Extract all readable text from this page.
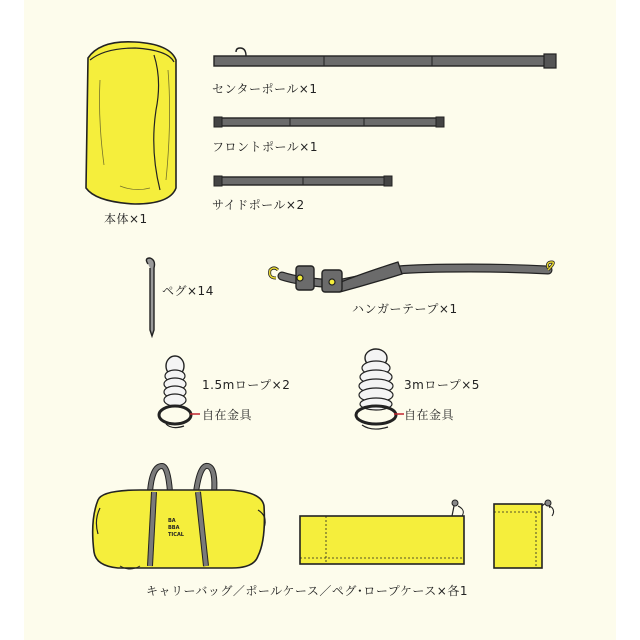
BA
BBA
TICAL
センターポール×1
フロントポール×1
サイドポール×2
本体×1
ペグ×14
ハンガーテープ×1
1.5mロープ×2
自在金具
3mロープ×5
自在金具
キャリーバッグ／ポールケース／ペグ･ロープケース×各1
